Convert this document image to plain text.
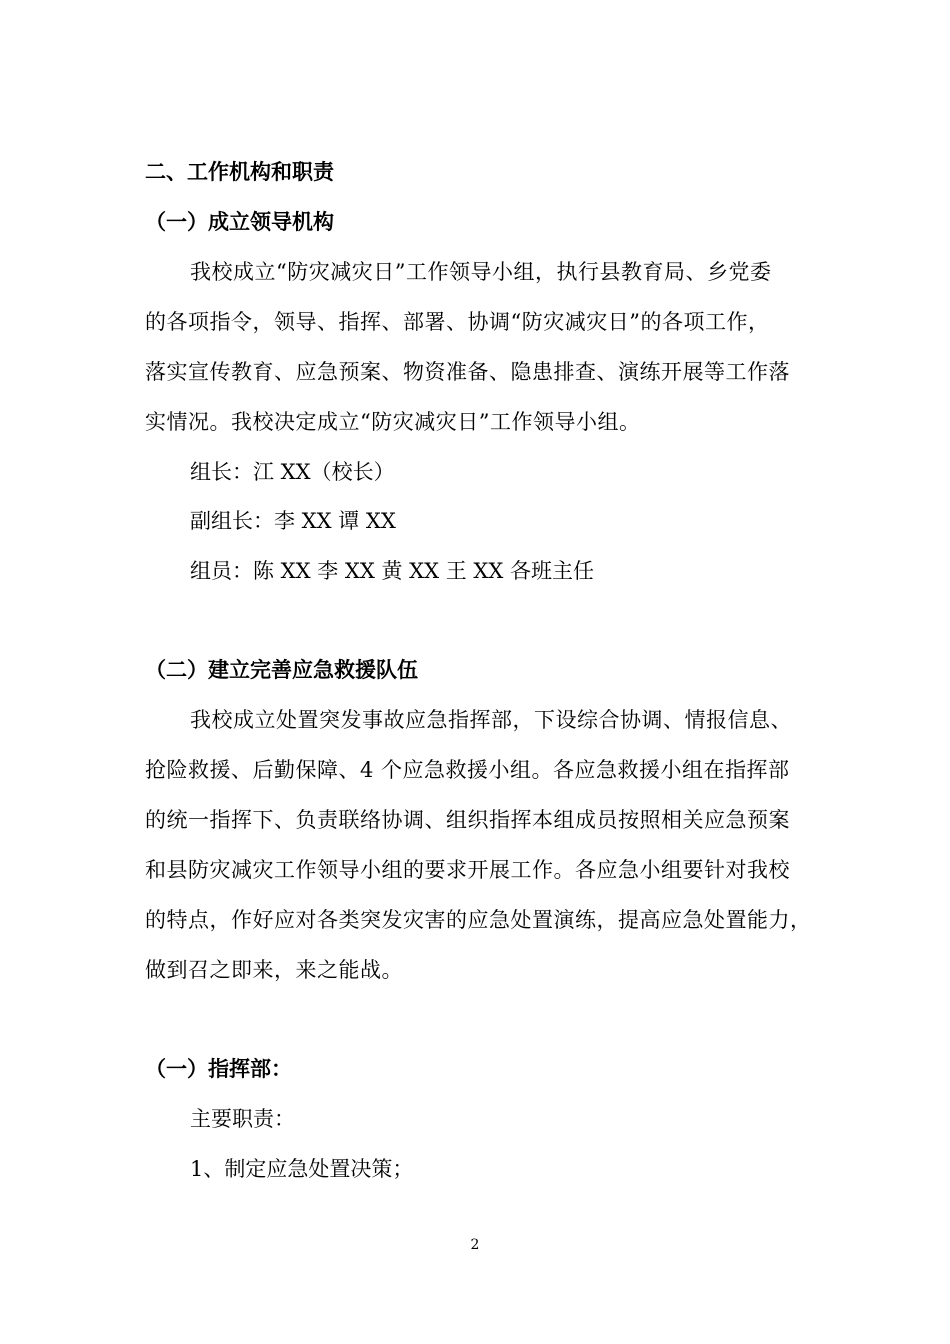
二、工作机构和职责
（一）成立领导机构
我校成立“防灾减灾日”工作领导小组，执行县教育局、乡党委
的各项指令，领导、指挥、部署、协调“防灾减灾日”的各项工作，
落实宣传教育、应急预案、物资准备、隐患排查、演练开展等工作落
实情况。我校决定成立“防灾减灾日”工作领导小组。
组长：江 XX（校长）
副组长：李 XX 谭 XX
组员：陈 XX 李 XX 黄 XX 王 XX 各班主任
（二）建立完善应急救援队伍
我校成立处置突发事故应急指挥部，下设综合协调、情报信息、
抢险救援、后勤保障、4 个应急救援小组。各应急救援小组在指挥部
的统一指挥下、负责联络协调、组织指挥本组成员按照相关应急预案
和县防灾减灾工作领导小组的要求开展工作。各应急小组要针对我校
的特点，作好应对各类突发灾害的应急处置演练，提高应急处置能力，
做到召之即来，来之能战。
（一）指挥部：
主要职责：
1、制定应急处置决策；
2
